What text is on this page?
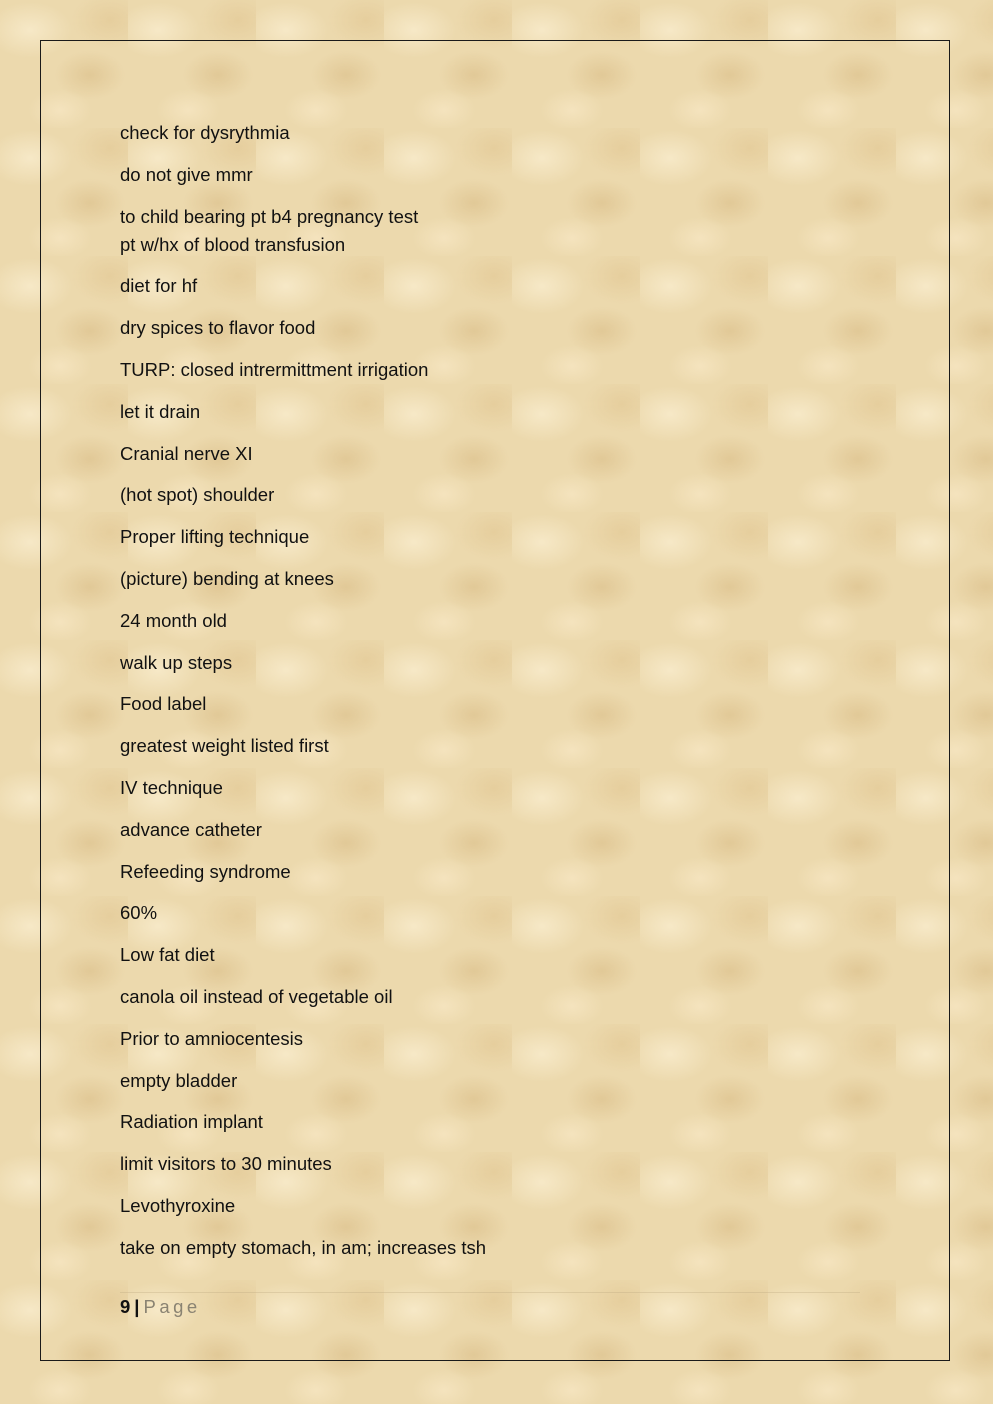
check for dysrythmia
do not give mmr
to child bearing pt b4 pregnancy test
pt w/hx of blood transfusion
diet for hf
dry spices to flavor food
TURP: closed intrermittment irrigation
let it drain
Cranial nerve XI
(hot spot) shoulder
Proper lifting technique
(picture) bending at knees
24 month old
walk up steps
Food label
greatest weight listed first
IV technique
advance catheter
Refeeding syndrome
60%
Low fat diet
canola oil instead of vegetable oil
Prior to amniocentesis
empty bladder
Radiation implant
limit visitors to 30 minutes
Levothyroxine
take on empty stomach, in am; increases tsh
9 | Page
